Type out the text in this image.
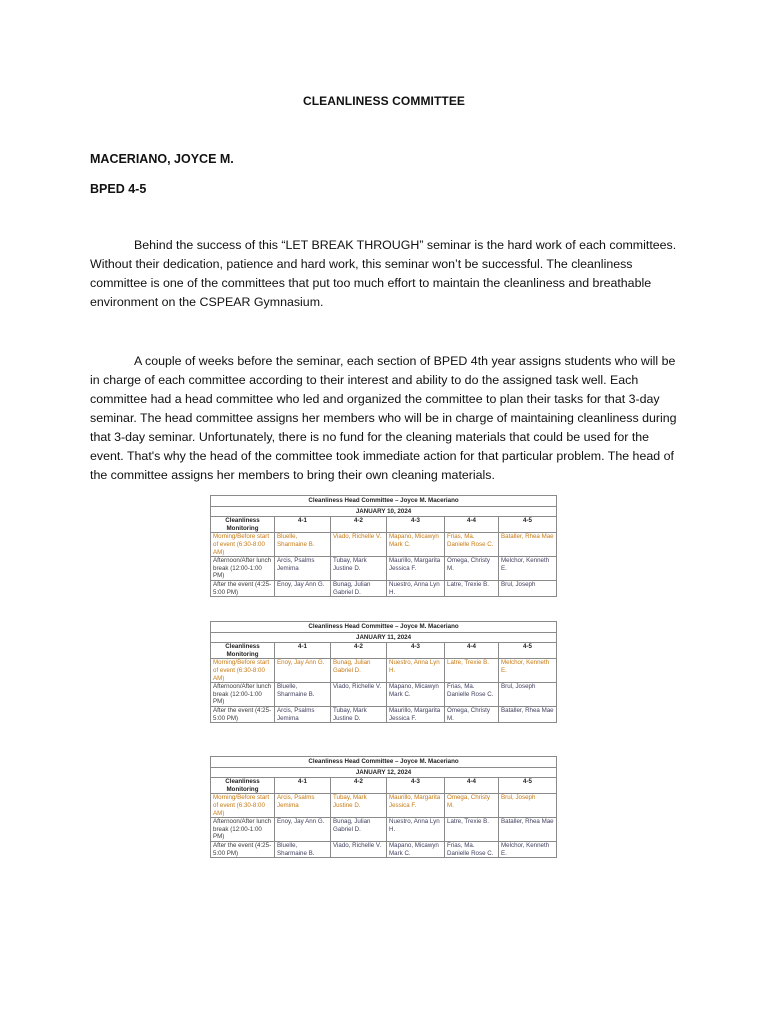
CLEANLINESS COMMITTEE
MACERIANO, JOYCE M.
BPED 4-5

Behind the success of this “LET BREAK THROUGH” seminar is the hard work of each committees. Without their dedication, patience and hard work, this seminar won’t be successful. The cleanliness committee is one of the committees that put too much effort to maintain the cleanliness and breathable environment on the CSPEAR Gymnasium.

A couple of weeks before the seminar, each section of BPED 4th year assigns students who will be in charge of each committee according to their interest and ability to do the assigned task well. Each committee had a head committee who led and organized the committee to plan their tasks for that 3-day seminar. The head committee assigns her members who will be in charge of maintaining cleanliness during that 3-day seminar. Unfortunately, there is no fund for the cleaning materials that could be used for the event. That's why the head of the committee took immediate action for that particular problem. The head of the committee assigns her members to bring their own cleaning materials.

Cleanliness Head Committee – Joyce M. Maceriano					
JANUARY 10, 2024					
Cleanliness Monitoring	4-1	4-2	4-3	4-4	4-5
Morning/Before start of event (6:30-8:00 AM)	Bluelle, Sharmaine B.	Viado, Richelle V.	Mapano, Micawyn Mark C.	Frias, Ma. Danielle Rose C.	Bataller, Rhea Mae
Afternoon/After lunch break (12:00-1:00 PM)	Arcis, Psalms Jemima	Tubay, Mark Justine D.	Maurillo, Margarita Jessica F.	Omega, Christy M.	Melchor, Kenneth E.
After the event (4:25-5:00 PM)	Enoy, Jay Ann G.	Bunag, Julian Gabriel D.	Nuestro, Anna Lyn H.	Latre, Trexie B.	Brul, Joseph
Cleanliness Head Committee – Joyce M. Maceriano					
JANUARY 11, 2024					
Cleanliness Monitoring	4-1	4-2	4-3	4-4	4-5
Morning/Before start of event (6:30-8:00 AM)	Enoy, Jay Ann G.	Bunag, Julian Gabriel D.	Nuestro, Anna Lyn H.	Latre, Trexie B.	Melchor, Kenneth E.
Afternoon/After lunch break (12:00-1:00 PM)	Bluelle, Sharmaine B.	Viado, Richelle V.	Mapano, Micawyn Mark C.	Frias, Ma. Danielle Rose C.	Brul, Joseph
After the event (4:25-5:00 PM)	Arcis, Psalms Jemima	Tubay, Mark Justine D.	Maurillo, Margarita Jessica F.	Omega, Christy M.	Bataller, Rhea Mae
Cleanliness Head Committee – Joyce M. Maceriano					
JANUARY 12, 2024					
Cleanliness Monitoring	4-1	4-2	4-3	4-4	4-5
Morning/Before start of event (6:30-8:00 AM)	Arcis, Psalms Jemima	Tubay, Mark Justine D.	Maurillo, Margarita Jessica F.	Omega, Christy M.	Brul, Joseph
Afternoon/After lunch break (12:00-1:00 PM)	Enoy, Jay Ann G.	Bunag, Julian Gabriel D.	Nuestro, Anna Lyn H.	Latre, Trexie B.	Bataller, Rhea Mae
After the event (4:25-5:00 PM)	Bluelle, Sharmaine B.	Viado, Richelle V.	Mapano, Micawyn Mark C.	Frias, Ma. Danielle Rose C.	Melchor, Kenneth E.
